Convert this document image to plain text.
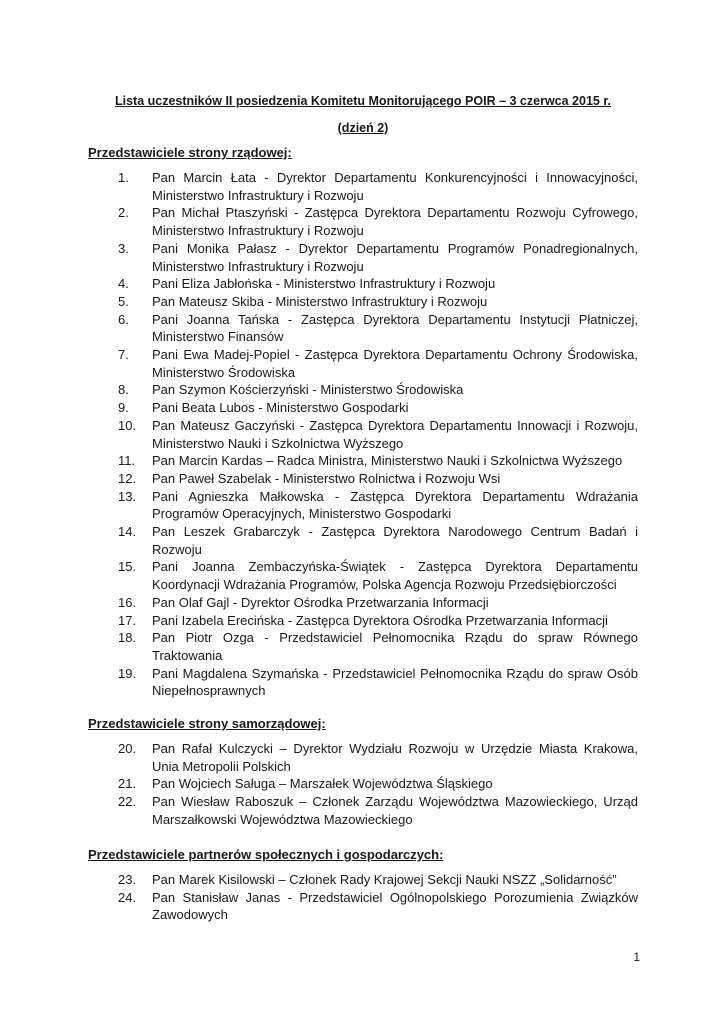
Lista uczestników II posiedzenia Komitetu Monitorującego POIR – 3 czerwca 2015 r.
(dzień 2)
Przedstawiciele strony rządowej:
1.	Pan Marcin Łata - Dyrektor Departamentu Konkurencyjności i Innowacyjności, Ministerstwo Infrastruktury i Rozwoju
2.	Pan Michał Ptaszyński - Zastępca Dyrektora Departamentu Rozwoju Cyfrowego, Ministerstwo Infrastruktury i Rozwoju
3.	Pani Monika Pałasz - Dyrektor Departamentu Programów Ponadregionalnych, Ministerstwo Infrastruktury i Rozwoju
4.	Pani Eliza Jabłońska - Ministerstwo Infrastruktury i Rozwoju
5.	Pan Mateusz Skiba - Ministerstwo Infrastruktury i Rozwoju
6.	Pani Joanna Tańska - Zastępca Dyrektora Departamentu Instytucji Płatniczej, Ministerstwo Finansów
7.	Pani Ewa Madej-Popiel - Zastępca Dyrektora Departamentu Ochrony Środowiska, Ministerstwo Środowiska
8.	Pan Szymon Kościerzyński - Ministerstwo Środowiska
9.	Pani Beata Lubos - Ministerstwo Gospodarki
10.	Pan Mateusz Gaczyński - Zastępca Dyrektora Departamentu Innowacji i Rozwoju, Ministerstwo Nauki i Szkolnictwa Wyższego
11.	Pan Marcin Kardas – Radca Ministra, Ministerstwo Nauki i Szkolnictwa Wyższego
12.	Pan Paweł Szabelak - Ministerstwo Rolnictwa i Rozwoju Wsi
13.	Pani Agnieszka Małkowska - Zastępca Dyrektora Departamentu Wdrażania Programów Operacyjnych, Ministerstwo Gospodarki
14.	Pan Leszek Grabarczyk - Zastępca Dyrektora Narodowego Centrum Badań i Rozwoju
15.	Pani Joanna Zembaczyńska-Świątek - Zastępca Dyrektora Departamentu Koordynacji Wdrażania Programów, Polska Agencja Rozwoju Przedsiębiorczości
16.	Pan Olaf Gajl - Dyrektor Ośrodka Przetwarzania Informacji
17.	Pani Izabela Erecińska - Zastępca Dyrektora Ośrodka Przetwarzania Informacji
18.	Pan Piotr Ozga - Przedstawiciel Pełnomocnika Rządu do spraw Równego Traktowania
19.	Pani Magdalena Szymańska - Przedstawiciel Pełnomocnika Rządu do spraw Osób Niepełnosprawnych
Przedstawiciele strony samorządowej:
20.	Pan Rafał Kulczycki – Dyrektor Wydziału Rozwoju w Urzędzie Miasta Krakowa, Unia Metropolii Polskich
21.	Pan Wojciech Saługa – Marszałek Województwa Śląskiego
22.	Pan Wiesław Raboszuk – Członek Zarządu Województwa Mazowieckiego, Urząd Marszałkowski Województwa Mazowieckiego
Przedstawiciele partnerów społecznych i gospodarczych:
23.	Pan Marek Kisilowski – Członek Rady Krajowej Sekcji Nauki NSZZ „Solidarność”
24.	Pan Stanisław Janas - Przedstawiciel Ogólnopolskiego Porozumienia Związków Zawodowych
1
